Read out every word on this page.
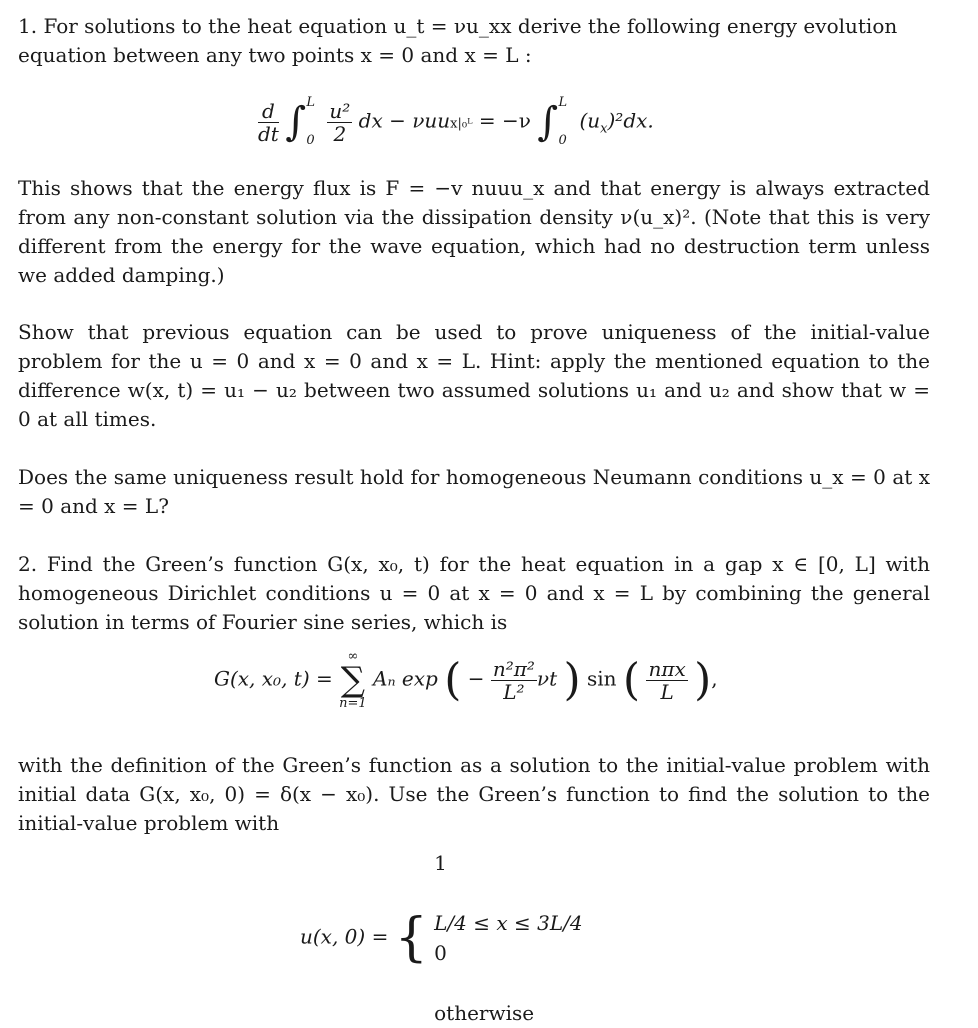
1. For solutions to the heat equation u_t = νu_xx derive the following energy evolution

equation between any two points x = 0 and x = L :

$\frac{d}{dt}$ ∫ L
0
$\frac{\text{u²}}{2}$ dx − νuux|₀ᴸ = −ν ∫ L
0
$(u_x)^2dx$.

This shows that the energy flux is F = −v nuuu_x and that energy is always extracted from any non-constant solution via the dissipation density ν(u_x)². (Note that this is very different from the energy for the wave equation, which had no destruction term unless we added damping.)

Show that previous equation can be used to prove uniqueness of the initial-value problem for the u = 0 and x = 0 and x = L. Hint: apply the mentioned equation to the difference w(x, t) = u₁ − u₂ between two assumed solutions u₁ and u₂ and show that w = 0 at all times.

Does the same uniqueness result hold for homogeneous Neumann conditions u_x = 0 at x = 0 and x = L?

2. Find the Green’s function G(x, x₀, t) for the heat equation in a gap x ∈ [0, L] with homogeneous Dirichlet conditions u = 0 at x = 0 and x = L by combining the general solution in terms of Fourier sine series, which is

G(x, x₀, t) = ∞
∑
n=1 Aₙ exp ( − $\frac{\text{n²π²}}{\text{L²}}$ νt ) sin ( $\frac{\text{nπx}}{L}$ ),

with the definition of the Green’s function as a solution to the initial-value problem with initial data G(x, x₀, 0) = δ(x − x₀). Use the Green’s function to find the solution to the initial-value problem with

u(x, 0) = {
1

L/4 ≤ x ≤ 3L/4
0

otherwise
